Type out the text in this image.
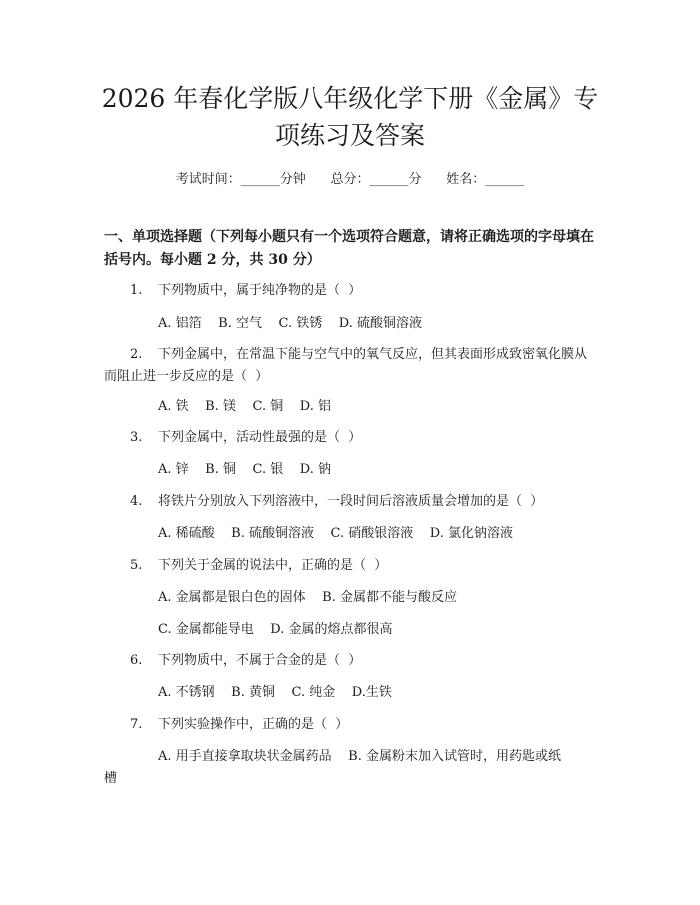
2026 年春化学版八年级化学下册《金属》专
项练习及答案
考试时间：______分钟      总分：______分      姓名：______
一、单项选择题（下列每小题只有一个选项符合题意，请将正确选项的字母填在
括号内。每小题 2 分，共 30 分）
1. 下列物质中，属于纯净物的是（  ）
A. 铝箔    B. 空气    C. 铁锈    D. 硫酸铜溶液
2. 下列金属中，在常温下能与空气中的氧气反应，但其表面形成致密氧化膜从
而阻止进一步反应的是（  ）
A. 铁    B. 镁    C. 铜    D. 铝
3. 下列金属中，活动性最强的是（  ）
A. 锌    B. 铜    C. 银    D. 钠
4. 将铁片分别放入下列溶液中，一段时间后溶液质量会增加的是（  ）
A. 稀硫酸    B. 硫酸铜溶液    C. 硝酸银溶液    D. 氯化钠溶液
5. 下列关于金属的说法中，正确的是（  ）
A. 金属都是银白色的固体    B. 金属都不能与酸反应
C. 金属都能导电    D. 金属的熔点都很高
6. 下列物质中，不属于合金的是（  ）
A. 不锈钢    B. 黄铜    C. 纯金    D.生铁
7. 下列实验操作中，正确的是（  ）
A. 用手直接拿取块状金属药品    B. 金属粉末加入试管时，用药匙或纸
槽
